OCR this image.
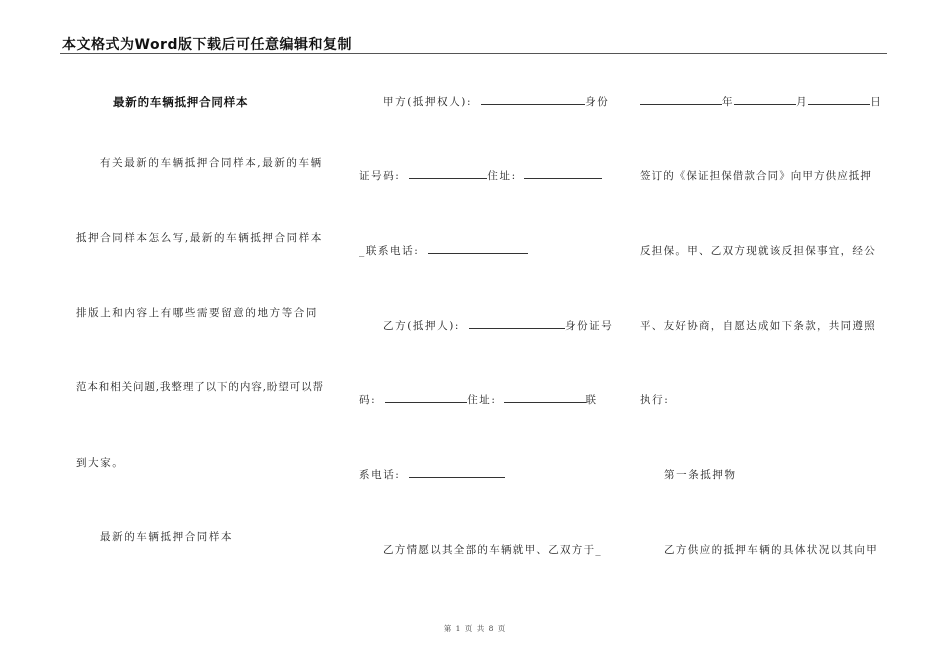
本文格式为Word版下载后可任意编辑和复制
最新的车辆抵押合同样本
有关最新的车辆抵押合同样本,最新的车辆
抵押合同样本怎么写,最新的车辆抵押合同样本
排版上和内容上有哪些需要留意的地方等合同
范本和相关问题,我整理了以下的内容,盼望可以帮
到大家。
最新的车辆抵押合同样本
甲方(抵押权人):	身份
证号码:	住址:
_联系电话:
乙方(抵押人):	身份证号
码:	住址:	联
系电话:
乙方情愿以其全部的车辆就甲、乙双方于_
年	月	日
签订的《保证担保借款合同》向甲方供应抵押
反担保。甲、乙双方现就该反担保事宜，经公
平、友好协商，自愿达成如下条款，共同遵照
执行:
第一条抵押物
乙方供应的抵押车辆的具体状况以其向甲
第 1 页 共 8 页
